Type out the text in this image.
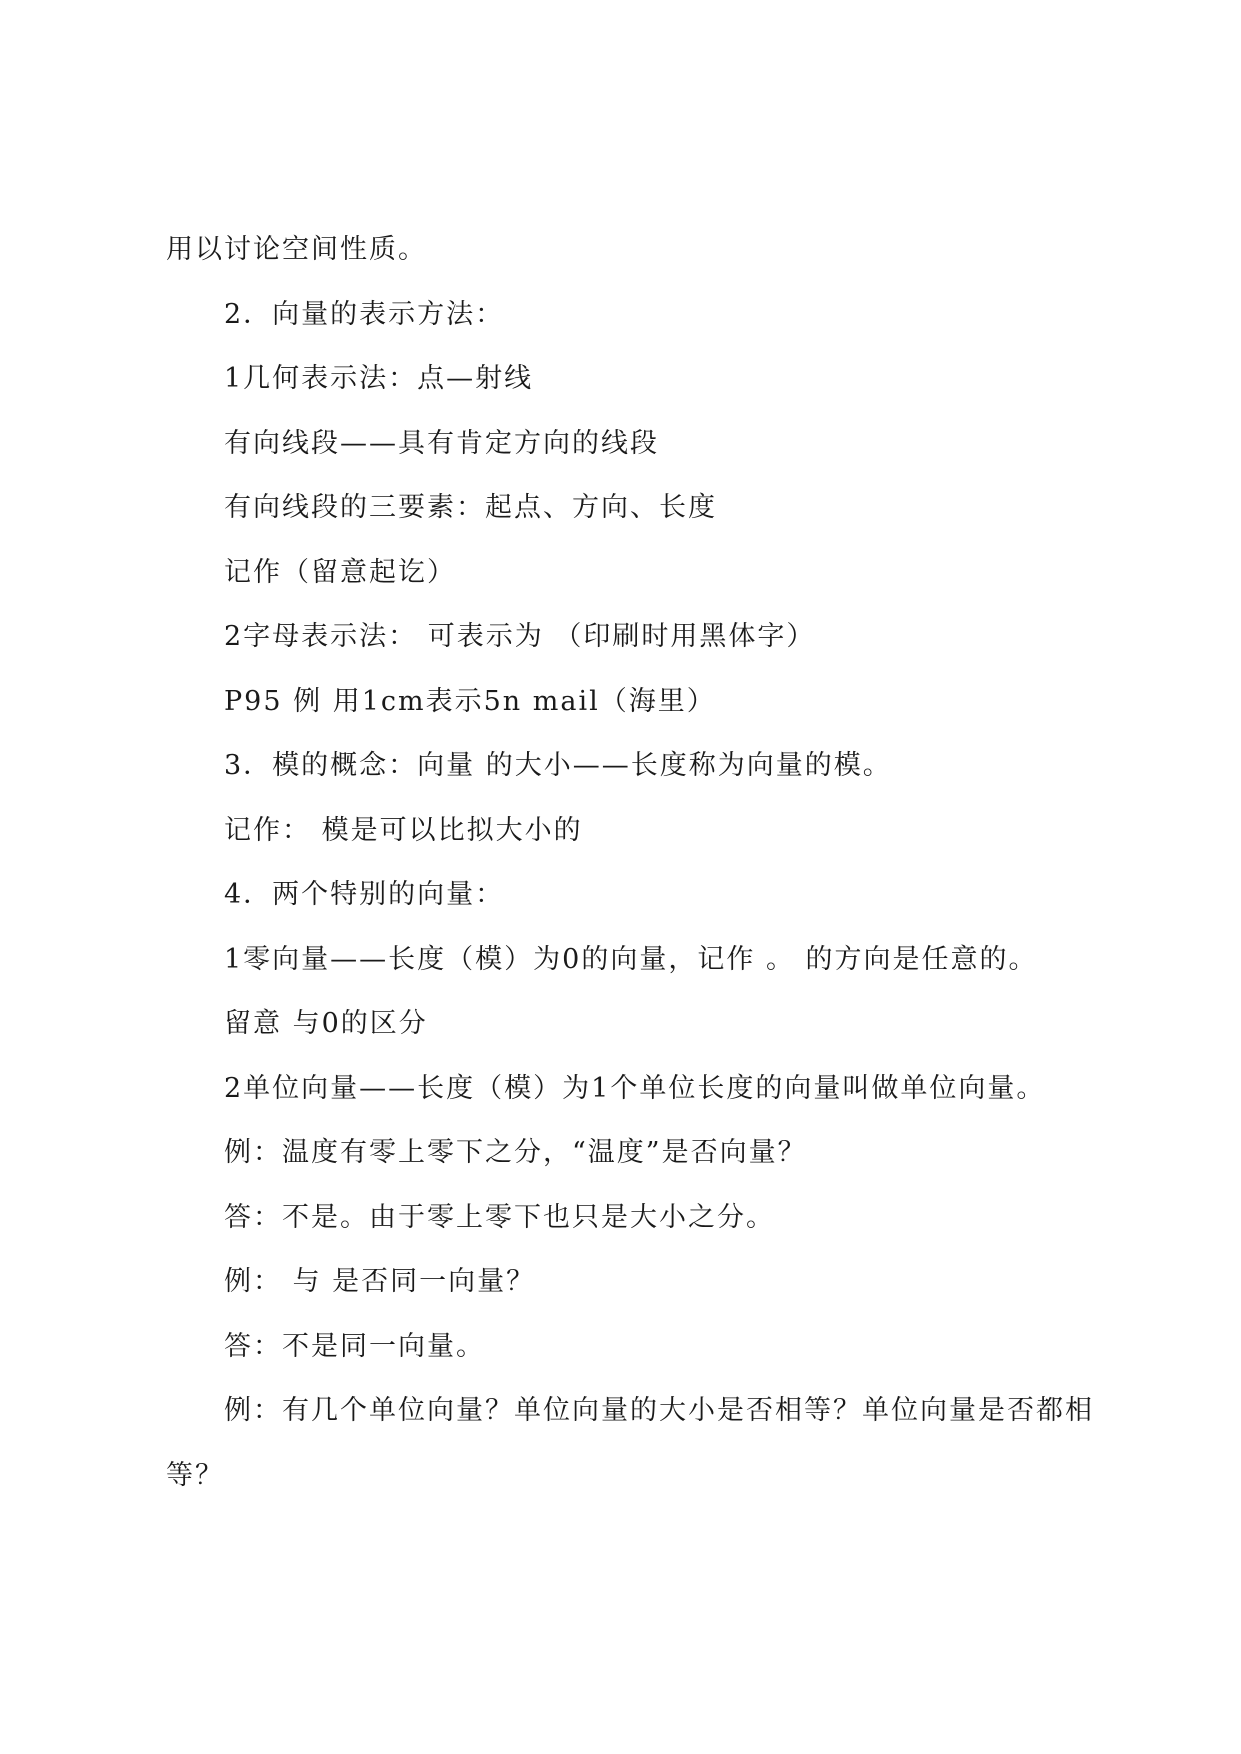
用以讨论空间性质。
2．向量的表示方法：
1几何表示法：点—射线
有向线段——具有肯定方向的线段
有向线段的三要素：起点、方向、长度
记作（留意起讫）
2字母表示法： 可表示为 （印刷时用黑体字）
P95 例 用1cm表示5n mail（海里）
3．模的概念：向量 的大小——长度称为向量的模。
记作： 模是可以比拟大小的
4．两个特别的向量：
1零向量——长度（模）为0的向量，记作 。 的方向是任意的。
留意 与0的区分
2单位向量——长度（模）为1个单位长度的向量叫做单位向量。
例：温度有零上零下之分，“温度”是否向量？
答：不是。由于零上零下也只是大小之分。
例： 与 是否同一向量？
答：不是同一向量。
例：有几个单位向量？单位向量的大小是否相等？单位向量是否都相
等？
